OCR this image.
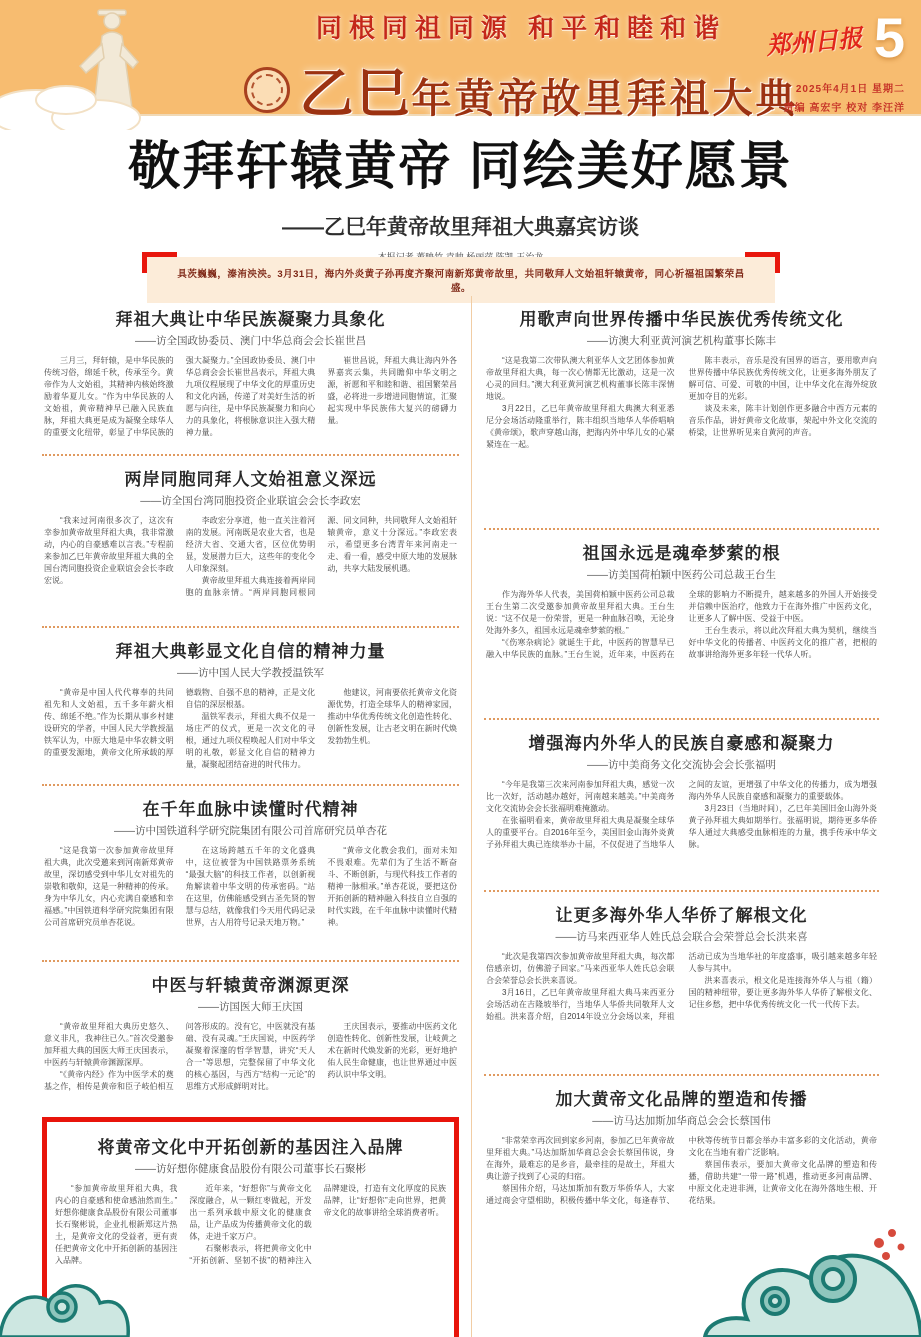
同根同祖同源 和平和睦和谐
乙巳年黄帝故里拜祖大典
郑州日报 5
2025年4月1日 星期二
责编 高宏宇 校对 李汪洋
敬拜轩辕黄帝 同绘美好愿景
——乙巳年黄帝故里拜祖大典嘉宾访谈
具茨巍巍，溱洧泱泱。3月31日，海内外炎黄子孙再度齐聚河南新郑黄帝故里，共同敬拜人文始祖轩辕黄帝，同心祈福祖国繁荣昌盛。
拜祖大典让中华民族凝聚力具象化
——访全国政协委员、澳门中华总商会会长崔世昌

三月三，拜轩辕，是中华民族的传统习俗，绵延千秋，传承至今。黄帝作为人文始祖，其精神内核始终激励着华夏儿女。“作为中华民族的人文始祖，黄帝精神早已融入民族血脉，拜祖大典更是成为凝聚全球华人的重要文化纽带，彰显了中华民族的强大凝聚力。”全国政协委员、澳门中华总商会会长崔世昌表示，拜祖大典九项仪程展现了中华文化的厚重历史和文化内涵，传递了对美好生活的祈愿与向往，是中华民族凝聚力和向心力的具象化，将根脉意识注入强大精神力量。

崔世昌说，拜祖大典让海内外各界嘉宾云集，共同瞻仰中华文明之源，祈愿和平和睦和谐、祖国繁荣昌盛，必将进一步增进同胞情谊，汇聚起实现中华民族伟大复兴的磅礴力量。

两岸同胞同拜人文始祖意义深远
——访全国台湾同胞投资企业联谊会会长李政宏

“我来过河南很多次了，这次有幸参加黄帝故里拜祖大典，我非常激动，内心的自豪感难以言表。”专程前来参加乙巳年黄帝故里拜祖大典的全国台湾同胞投资企业联谊会会长李政宏说。

李政宏分享道，他一直关注着河南的发展。河南既是农业大省，也是经济大省、交通大省，区位优势明显，发展潜力巨大，这些年的变化令人印象深刻。

黄帝故里拜祖大典连接着两岸同胞的血脉亲情。“两岸同胞同根同源、同文同种，共同敬拜人文始祖轩辕黄帝，意义十分深远。”李政宏表示，希望更多台湾青年来河南走一走、看一看，感受中原大地的发展脉动，共享大陆发展机遇。

拜祖大典彰显文化自信的精神力量
——访中国人民大学教授温铁军

“黄帝是中国人代代尊奉的共同祖先和人文始祖，五千多年薪火相传、绵延不绝。”作为长期从事乡村建设研究的学者，中国人民大学教授温铁军认为，中原大地是中华农耕文明的重要发源地，黄帝文化所承载的厚德载物、自强不息的精神，正是文化自信的深层根基。

温铁军表示，拜祖大典不仅是一场庄严的仪式，更是一次文化的寻根，通过九项仪程唤起人们对中华文明的礼敬，彰显文化自信的精神力量，凝聚起团结奋进的时代伟力。

他建议，河南要依托黄帝文化资源优势，打造全球华人的精神家园，推动中华优秀传统文化创造性转化、创新性发展，让古老文明在新时代焕发勃勃生机。

在千年血脉中读懂时代精神
——访中国铁道科学研究院集团有限公司首席研究员单杏花

“这是我第一次参加黄帝故里拜祖大典，此次受邀来到河南新郑黄帝故里，深切感受到中华儿女对祖先的崇敬和敬仰，这是一种精神的传承。身为中华儿女，内心充满自豪感和幸福感。”中国铁道科学研究院集团有限公司首席研究员单杏花说。

在这场跨越五千年的文化盛典中，这位被誉为中国铁路票务系统“最强大脑”的科技工作者，以创新视角解读着中华文明的传承密码。“站在这里，仿佛能感受到古圣先贤的智慧与总结，就像我们今天用代码记录世界，古人用符号记录天地万物。”

“黄帝文化教会我们，面对未知不畏艰难。先辈们为了生活不断奋斗、不断创新，与现代科技工作者的精神一脉相承。”单杏花说，要把这份开拓创新的精神融入科技自立自强的时代实践，在千年血脉中读懂时代精神。

中医与轩辕黄帝渊源更深
——访国医大师王庆国

“黄帝故里拜祖大典历史悠久、意义非凡，我神往已久。”首次受邀参加拜祖大典的国医大师王庆国表示，中医药与轩辕黄帝渊源深厚。

“《黄帝内经》作为中医学术的奠基之作，相传是黄帝和臣子岐伯相互问答形成的。没有它，中医就没有基础、没有灵魂。”王庆国说，中医药学凝聚着深邃的哲学智慧，讲究“天人合一”等思想，完整保留了中华文化的核心基因，与西方“结构一元论”的思维方式形成鲜明对比。

王庆国表示，要推动中医药文化创造性转化、创新性发展，让岐黄之术在新时代焕发新的光彩，更好地护佑人民生命健康，也让世界通过中医药认识中华文明。

将黄帝文化中开拓创新的基因注入品牌
——访好想你健康食品股份有限公司董事长石聚彬

“参加黄帝故里拜祖大典，我内心的自豪感和使命感油然而生。”好想你健康食品股份有限公司董事长石聚彬说，企业扎根新郑这片热土，是黄帝文化的受益者，更有责任把黄帝文化中开拓创新的基因注入品牌。

近年来，“好想你”与黄帝文化深度融合，从一颗红枣做起，开发出一系列承载中原文化的健康食品，让产品成为传播黄帝文化的载体，走进千家万户。

石聚彬表示，将把黄帝文化中“开拓创新、坚韧不拔”的精神注入品牌建设，打造有文化厚度的民族品牌，让“好想你”走向世界，把黄帝文化的故事讲给全球消费者听。

用歌声向世界传播中华民族优秀传统文化
——访澳大利亚黄河演艺机构董事长陈丰

“这是我第二次带队澳大利亚华人文艺团体参加黄帝故里拜祖大典，每一次心情都无比激动，这是一次心灵的回归。”澳大利亚黄河演艺机构董事长陈丰深情地说。

3月22日，乙巳年黄帝故里拜祖大典澳大利亚悉尼分会场活动隆重举行，陈丰组织当地华人华侨唱响《黄帝颂》，歌声穿越山海，把海内外中华儿女的心紧紧连在一起。

陈丰表示，音乐是没有国界的语言，要用歌声向世界传播中华民族优秀传统文化，让更多海外朋友了解可信、可爱、可敬的中国，让中华文化在海外绽放更加夺目的光彩。

谈及未来，陈丰计划创作更多融合中西方元素的音乐作品，讲好黄帝文化故事，架起中外文化交流的桥梁，让世界听见来自黄河的声音。

祖国永远是魂牵梦萦的根
——访美国荷柏颖中医药公司总裁王台生

作为海外华人代表，美国荷柏颖中医药公司总裁王台生第二次受邀参加黄帝故里拜祖大典。王台生说：“这不仅是一份荣誉，更是一种血脉召唤，无论身处海外多久，祖国永远是魂牵梦萦的根。”

“《伤寒杂病论》就诞生于此，中医药的智慧早已融入中华民族的血脉。”王台生说，近年来，中医药在全球的影响力不断提升，越来越多的外国人开始接受并信赖中医治疗，他致力于在海外推广中医药文化，让更多人了解中医、受益于中医。

王台生表示，将以此次拜祖大典为契机，继续当好中华文化的传播者、中医药文化的推广者，把根的故事讲给海外更多年轻一代华人听。

增强海内外华人的民族自豪感和凝聚力
——访中美商务文化交流协会会长张福明

“今年是我第三次来河南参加拜祖大典，感觉一次比一次好，活动越办越好，河南越来越美。”中美商务文化交流协会会长张福明难掩激动。

在张福明看来，黄帝故里拜祖大典是凝聚全球华人的重要平台。自2016年至今，美国旧金山海外炎黄子孙拜祖大典已连续举办十届，不仅促进了当地华人之间的友谊，更增强了中华文化的传播力，成为增强海内外华人民族自豪感和凝聚力的重要载体。

3月23日（当地时间），乙巳年美国旧金山海外炎黄子孙拜祖大典如期举行。张福明说，期待更多华侨华人通过大典感受血脉相连的力量，携手传承中华文脉。

让更多海外华人华侨了解根文化
——访马来西亚华人姓氏总会联合会荣誉总会长洪来喜

“此次是我第四次参加黄帝故里拜祖大典，每次都倍感亲切，仿佛游子回家。”马来西亚华人姓氏总会联合会荣誉总会长洪来喜说。

3月16日，乙巳年黄帝故里拜祖大典马来西亚分会场活动在吉隆坡举行，当地华人华侨共同敬拜人文始祖。洪来喜介绍，自2014年设立分会场以来，拜祖活动已成为当地华社的年度盛事，吸引越来越多年轻人参与其中。

洪来喜表示，根文化是连接海外华人与祖（籍）国的精神纽带，要让更多海外华人华侨了解根文化、记住乡愁，把中华优秀传统文化一代一代传下去。

加大黄帝文化品牌的塑造和传播
——访马达加斯加华商总会会长蔡国伟

“非常荣幸再次回到家乡河南，参加乙巳年黄帝故里拜祖大典。”马达加斯加华商总会会长蔡国伟说，身在海外，最难忘的是乡音，最牵挂的是故土，拜祖大典让游子找到了心灵的归宿。

蔡国伟介绍，马达加斯加有数万华侨华人，大家通过商会守望相助，积极传播中华文化，每逢春节、中秋等传统节日都会举办丰富多彩的文化活动，黄帝文化在当地有着广泛影响。

蔡国伟表示，要加大黄帝文化品牌的塑造和传播，借助共建“一带一路”机遇，推动更多河南品牌、中原文化走进非洲，让黄帝文化在海外落地生根、开花结果。
